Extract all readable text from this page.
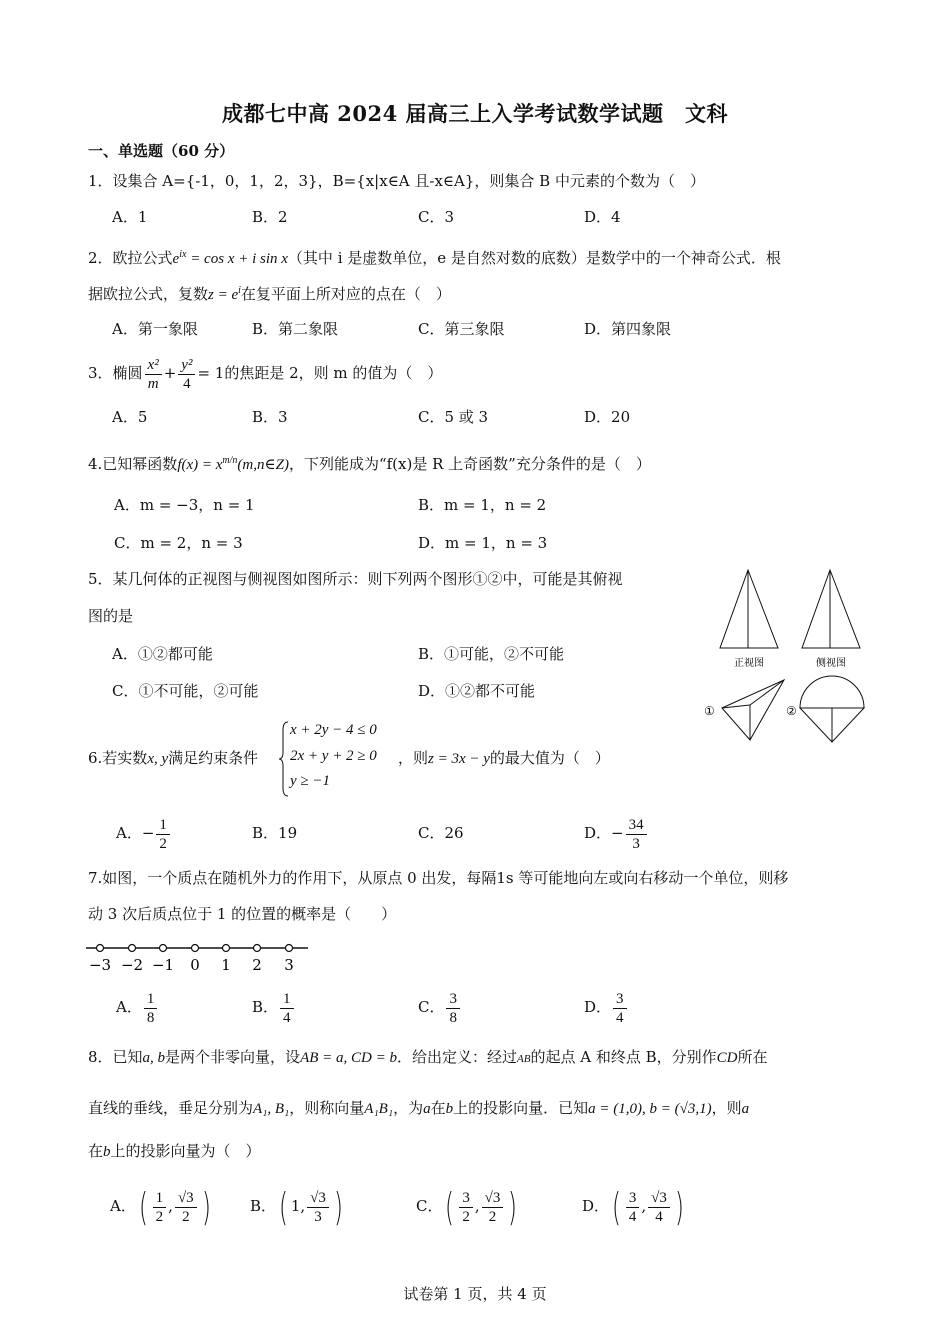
成都七中高 2024 届高三上入学考试数学试题　文科
一、单选题（60 分）
1．设集合 A={-1，0，1，2，3}，B={x|x∈A 且-x∈A}，则集合 B 中元素的个数为（　）
A．1	B．2	C．3	D．4
2．欧拉公式$e^{ix} = \cos x + i$ sin x（其中 i 是虚数单位，e 是自然对数的底数）是数学中的一个神奇公式．根
据欧拉公式，复数$z = e^i$在复平面上所对应的点在（　）
A．第一象限	B．第二象限	C．第三象限	D．第四象限
3．椭圆 $\frac{\text{x²}}{m} + \frac{\text{y²}}{4} = 1$的焦距是 2，则 m 的值为（　）
A．5	B．3	C．5 或 3	D．20
4.已知幂函数$f(x) = x^{m/n}(m,n\in Z)$，下列能成为“f(x)是 R 上奇函数”充分条件的是（　）
A．m = −3，n = 1	B．m = 1，n = 2
C．m = 2，n = 3	D．m = 1，n = 3
5．某几何体的正视图与侧视图如图所示：则下列两个图形①②中，可能是其俯视
图的是
A．①②都可能	B．①可能，②不可能
C．①不可能，②可能	D．①②都不可能
正视图	侧视图
①	②
6.若实数x, y满足约束条件
x + 2y − 4 ≤ 0
2x + y + 2 ≥ 0
y ≥ −1
，则z = 3x − y的最大值为（　）
A．− $\frac{1}{2}$	B．19	C．26	D．− $\frac{34}{3}$
7.如图，一个质点在随机外力的作用下，从原点 0 出发，每隔1s 等可能地向左或向右移动一个单位，则移
动 3 次后质点位于 1 的位置的概率是（　　）
−3 −2 −1 0 1 2 3
A． $\frac{1}{8}$	B． $\frac{1}{4}$	C． $\frac{3}{8}$	D． $\frac{3}{4}$
8．已知a, b是两个非零向量，设AB = a, CD = b．给出定义：经过AB的起点 A 和终点 B，分别作CD所在
直线的垂线，垂足分别为A₁, B₁，则称向量A₁B₁，为a在b上的投影向量．已知a = (1,0), b = (√3,1)，则a
在b上的投影向量为（　）
A．( $\frac{1}{2}$ , $\frac{√3}{2}$ )	B．( 1, $\frac{√3}{3}$ )	C．( $\frac{3}{2}$ , $\frac{√3}{2}$ )	D．( $\frac{3}{4}$ , $\frac{√3}{4}$ )
试卷第 1 页，共 4 页
